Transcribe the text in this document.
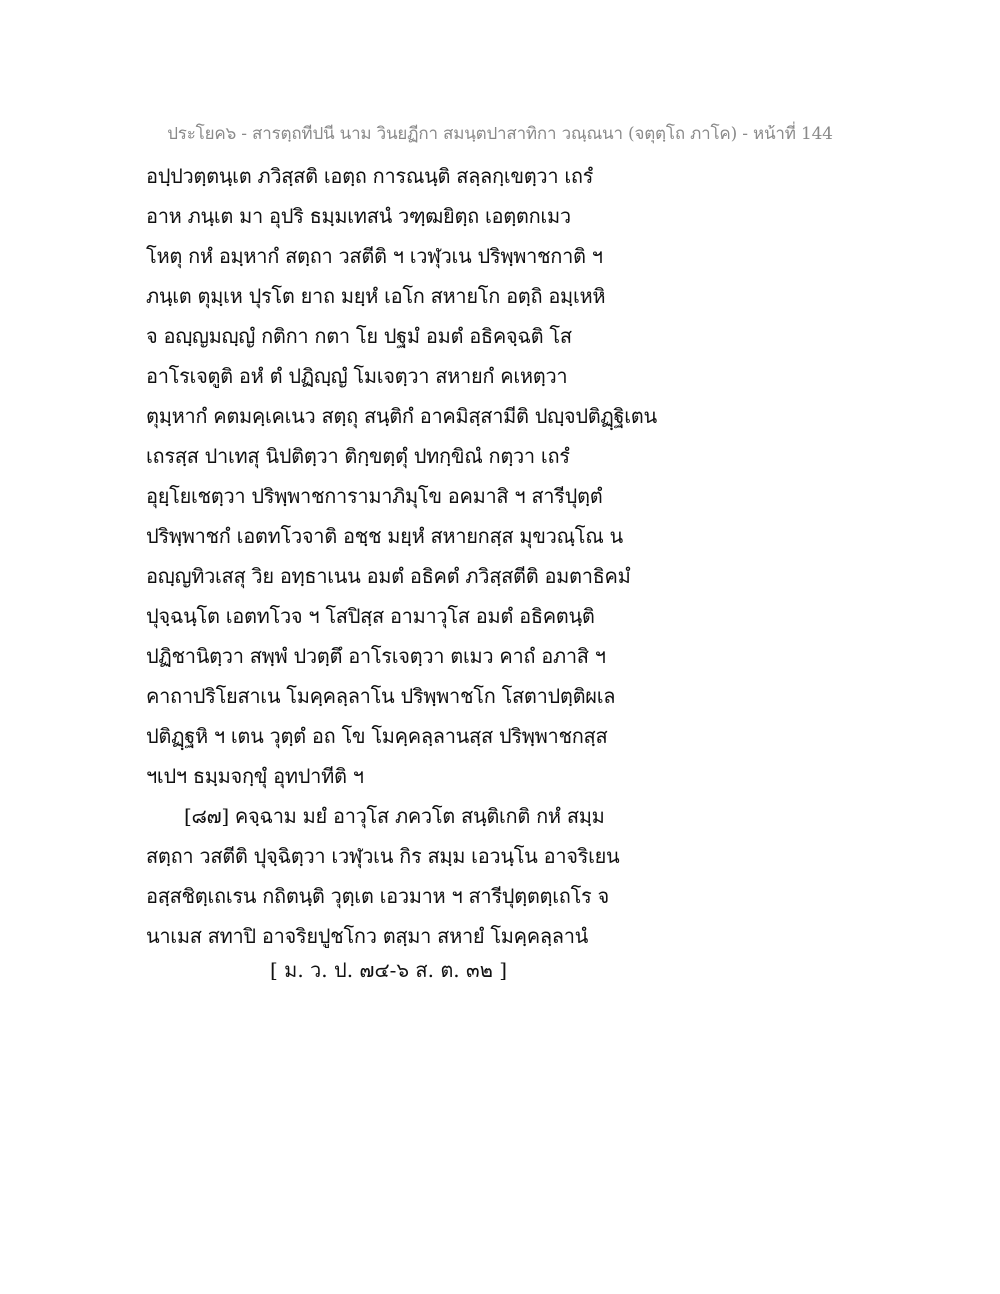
ประโยค๖ - สารตฺถทีปนี นาม วินยฏีกา สมนฺตปาสาทิกา วณฺณนา (จตุตฺโถ ภาโค) - หน้าที่ 144
อปฺปวตฺตนฺเต ภวิสฺสติ เอตฺถ การณนฺติ สลฺลกฺเขตฺวา เถรํ
อาห ภนฺเต มา อุปริ ธมฺมเทสนํ วฑฺฒยิตฺถ เอตฺตกเมว
โหตุ กหํ อมฺหากํ สตฺถา วสตีติ ฯ เวฬุวเน ปริพฺพาชกาติ ฯ
ภนฺเต ตุมฺเห ปุรโต ยาถ มยฺหํ เอโก สหายโก อตฺถิ อมฺเหหิ
จ อญฺญมญฺญํ กติกา กตา โย ปฐมํ อมตํ อธิคจฺฉติ โส
อาโรเจตูติ อหํ ตํ ปฏิญฺญํ โมเจตฺวา สหายกํ คเหตฺวา
ตุมฺหากํ คตมคฺเคเนว สตฺถุ สนฺติกํ อาคมิสฺสามีติ ปญฺจปติฏฺฐิเตน
เถรสฺส ปาเทสุ นิปติตฺวา ติกฺขตฺตุํ ปทกฺขิณํ กตฺวา เถรํ
อุยฺโยเชตฺวา ปริพฺพาชการามาภิมุโข อคมาสิ ฯ สารีปุตฺตํ
ปริพฺพาชกํ เอตทโวจาติ อชฺช มยฺหํ สหายกสฺส มุขวณฺโณ น
อญฺญทิวเสสุ วิย อทฺธาเนน อมตํ อธิคตํ ภวิสฺสตีติ อมตาธิคมํ
ปุจฺฉนฺโต เอตทโวจ ฯ โสปิสฺส อามาวุโส อมตํ อธิคตนฺติ
ปฏิชานิตฺวา สพฺพํ ปวตฺตึ อาโรเจตฺวา ตเมว คาถํ อภาสิ ฯ
คาถาปริโยสาเน โมคฺคลฺลาโน ปริพฺพาชโก โสตาปตฺติผเล
ปติฏฺฐหิ ฯ เตน วุตฺตํ อถ โข โมคฺคลฺลานสฺส ปริพฺพาชกสฺส
ฯเปฯ ธมฺมจกฺขุํ อุทปาทีติ ฯ
[๘๗] คจฺฉาม มยํ อาวุโส ภควโต สนฺติเกติ กหํ สมฺม
สตฺถา วสตีติ ปุจฺฉิตฺวา เวฬุวเน กิร สมฺม เอวนฺโน อาจริเยน
อสฺสชิตฺเถเรน กถิตนฺติ วุตฺเต เอวมาห ฯ สารีปุตฺตตฺเถโร จ
นาเมส สทาปิ อาจริยปูชโกว ตสฺมา สหายํ โมคฺคลฺลานํ
[ ม. ว. ป. ๗๔-๖ ส. ต. ๓๒ ]
